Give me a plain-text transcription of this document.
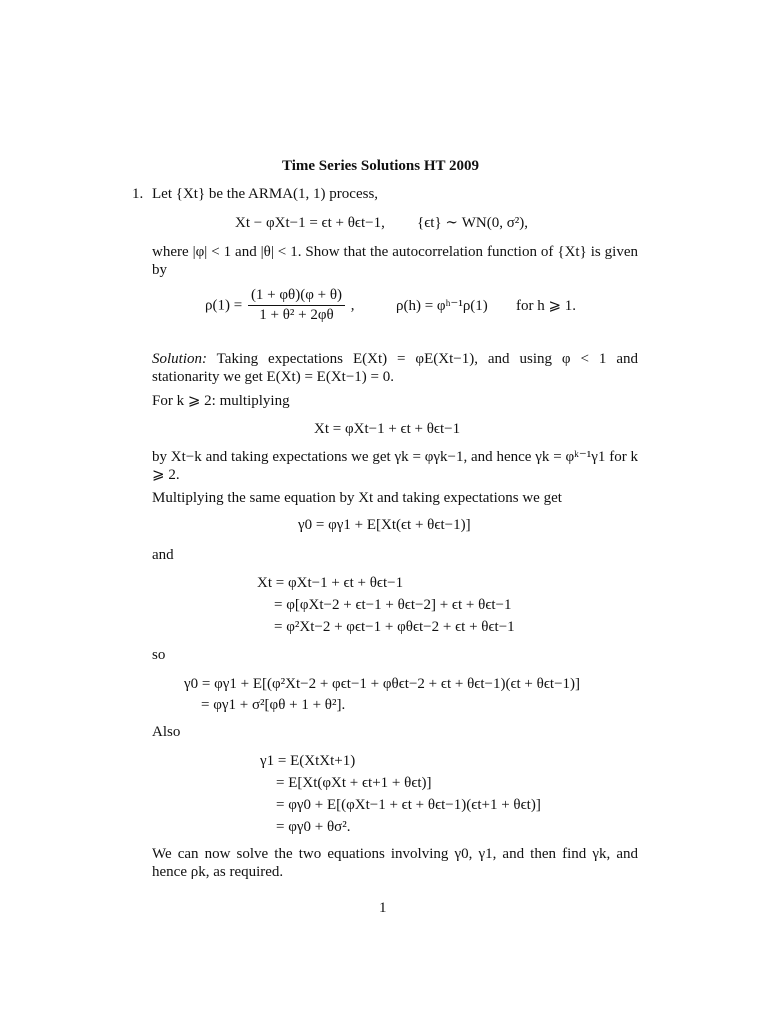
Time Series Solutions HT 2009
1. Let {Xt} be the ARMA(1, 1) process,
Xt − φXt−1 = ϵt + θϵt−1, {ϵt} ∼ WN(0, σ²),
where |φ| < 1 and |θ| < 1. Show that the autocorrelation function of {Xt} is given by
$\rho(1) = \frac{(1 + \varphi\theta)(\varphi + \theta)}{\text{1 + θ² + 2φθ}}$ ,	ρ(h) = φʰ⁻¹ρ(1) for h ⩾ 1.
Solution: Taking expectations E(Xt) = φE(Xt−1), and using φ < 1 and stationarity we get E(Xt) = E(Xt−1) = 0.
For k ⩾ 2: multiplying
Xt = φXt−1 + ϵt + θϵt−1
by Xt−k and taking expectations we get γk = φγk−1, and hence γk = φᵏ⁻¹γ1 for k ⩾ 2.
Multiplying the same equation by Xt and taking expectations we get
γ0 = φγ1 + E[Xt(ϵt + θϵt−1)]
and
Xt = φXt−1 + ϵt + θϵt−1
= φ[φXt−2 + ϵt−1 + θϵt−2] + ϵt + θϵt−1
= φ²Xt−2 + φϵt−1 + φθϵt−2 + ϵt + θϵt−1
so
γ0 = φγ1 + E[(φ²Xt−2 + φϵt−1 + φθϵt−2 + ϵt + θϵt−1)(ϵt + θϵt−1)]
= φγ1 + σ²[φθ + 1 + θ²].
Also
γ1 = E(XtXt+1)
= E[Xt(φXt + ϵt+1 + θϵt)]
= φγ0 + E[(φXt−1 + ϵt + θϵt−1)(ϵt+1 + θϵt)]
= φγ0 + θσ².
We can now solve the two equations involving γ0, γ1, and then find γk, and hence ρk, as required.
1
